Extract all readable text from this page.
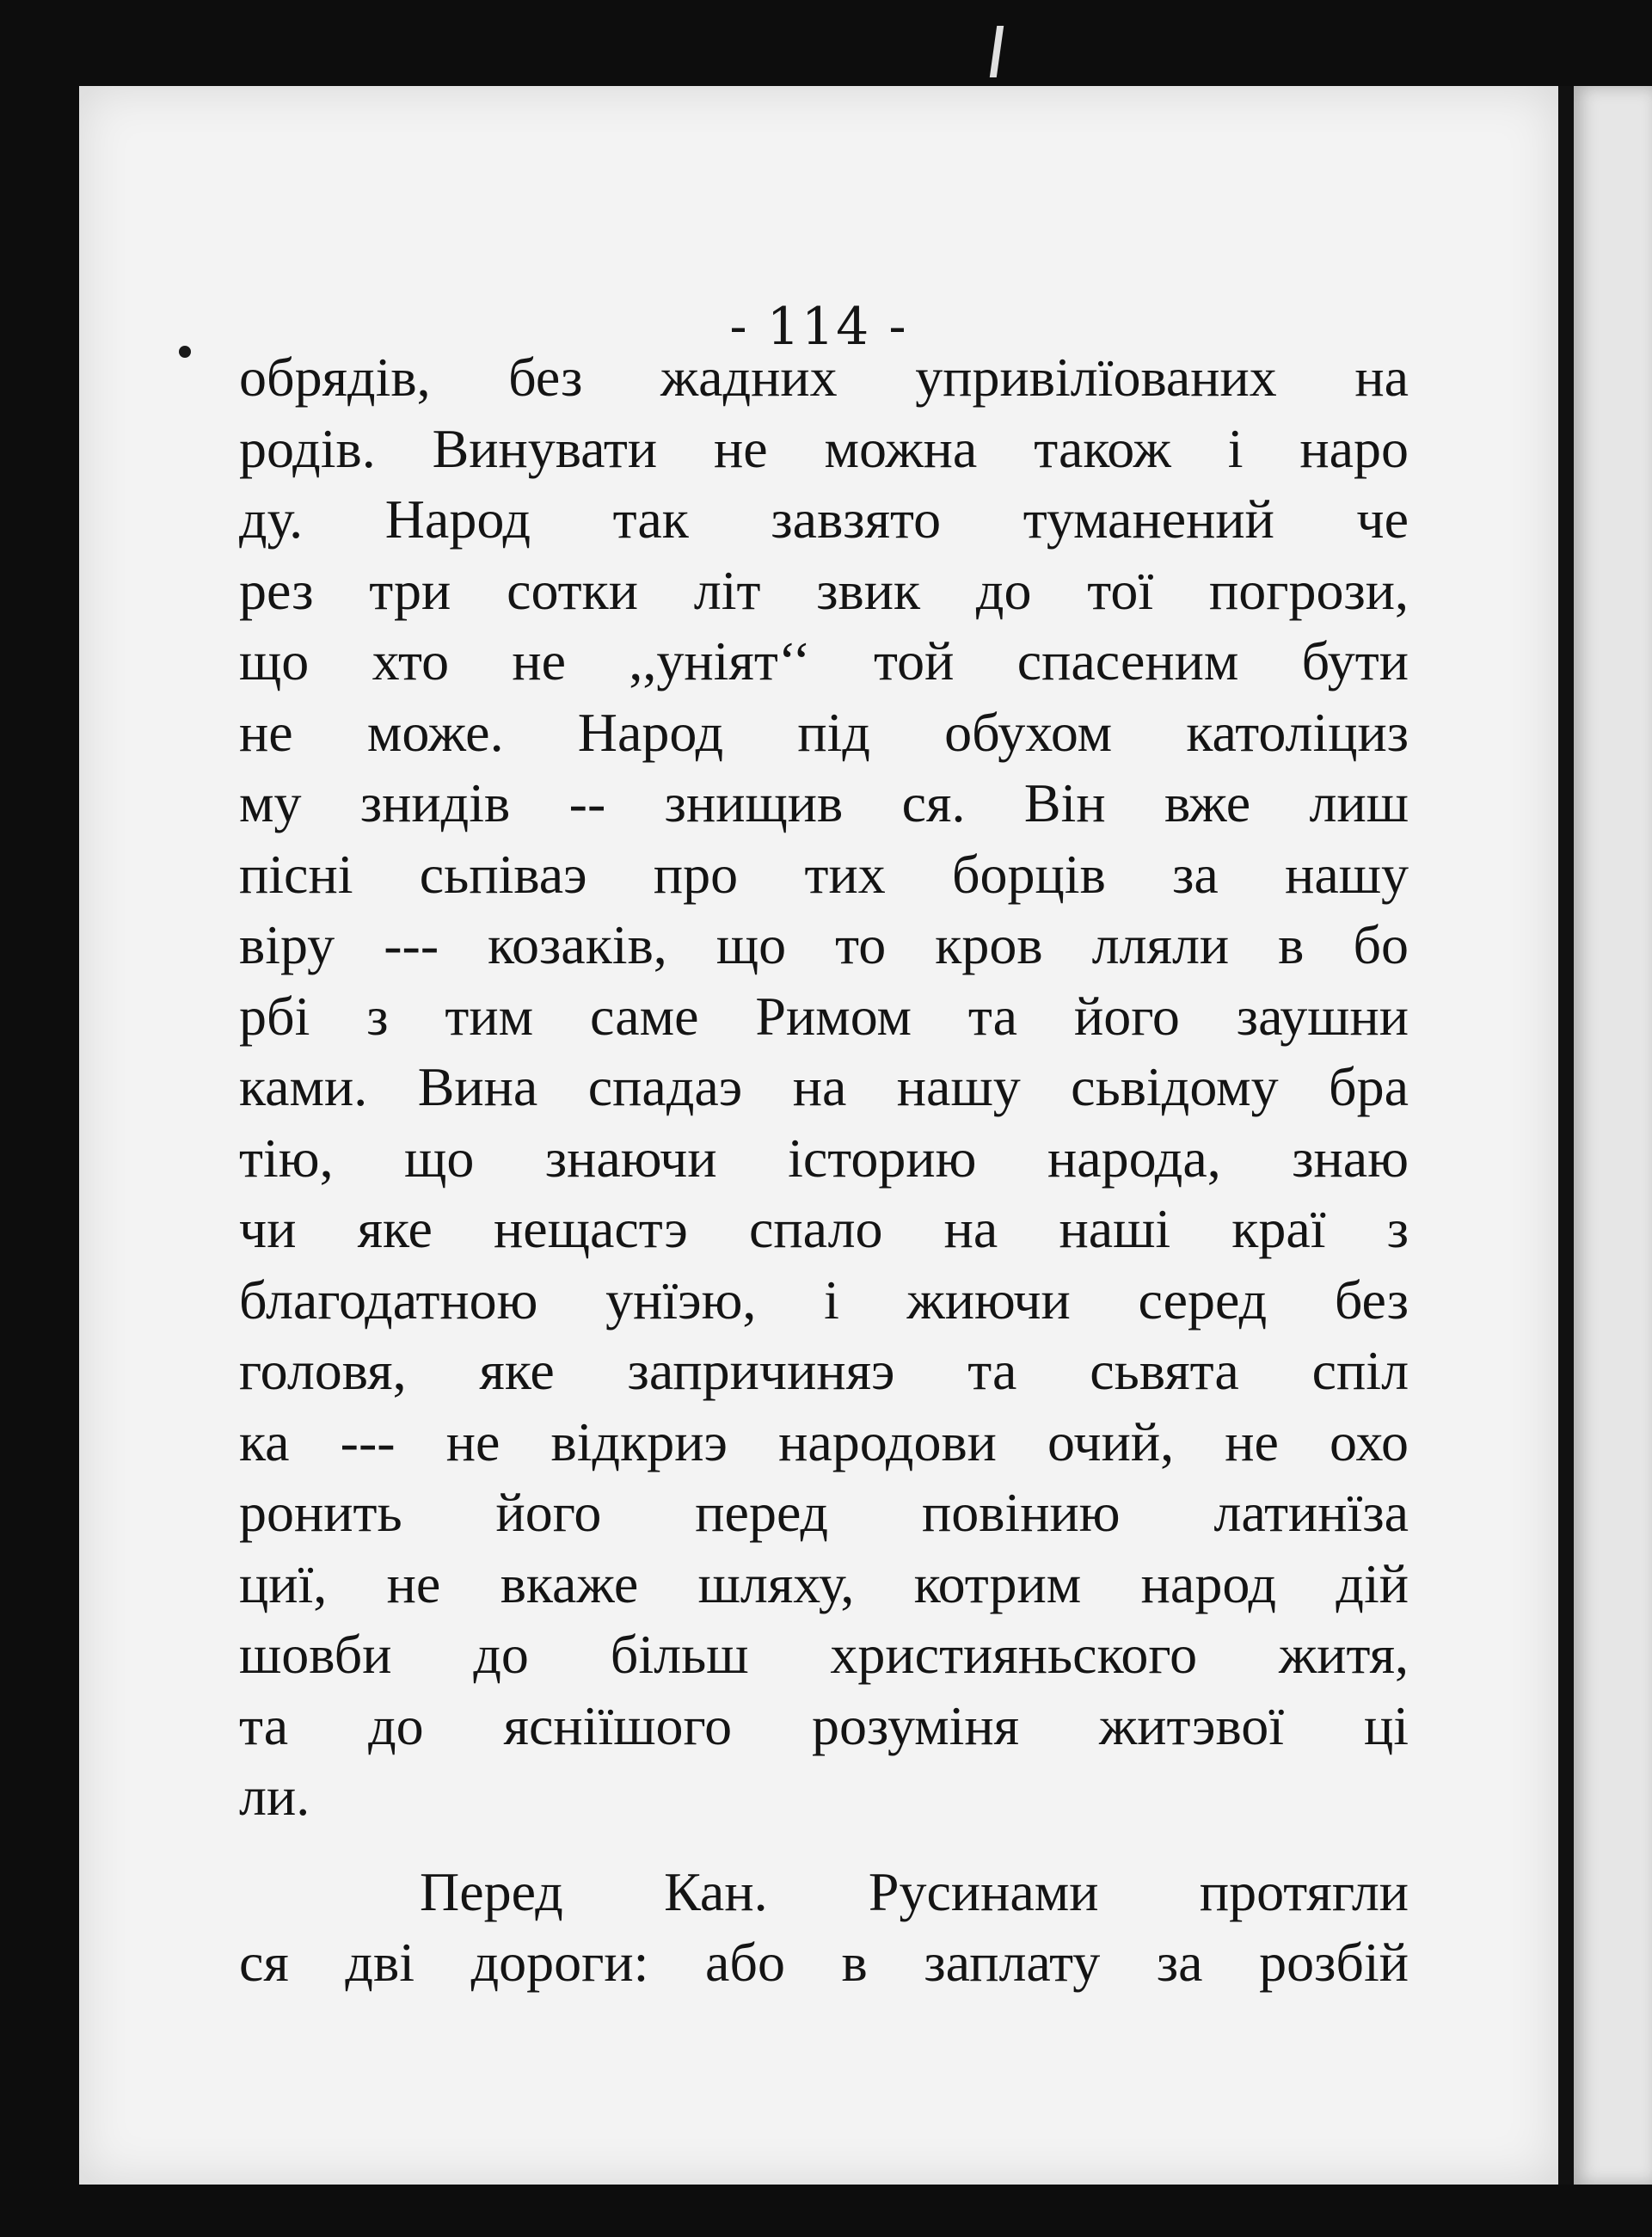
- 114 -
обрядів, без жадних упривілїованих на
родів. Винувати не можна також і наро
ду. Народ так завзято туманений че
рез три сотки літ звик до тої погрози,
що хто не ,,уніят‘‘ той спасеним бути
не може. Народ під обухом католіциз
му знидів -- знищив ся. Він вже лиш
пісні сьпіваэ про тих борців за нашу
віру --- козаків, що то кров лляли в бо
рбі з тим саме Римом та його заушни
ками. Вина спадаэ на нашу сьвідому бра
тію, що знаючи історию народа, знаю
чи яке нещастэ спало на наші краї з
благодатною унїэю, і жиючи серед без
головя, яке запричиняэ та сьвята спіл
ка --- не відкриэ народови очий, не охо
ронить його перед повінию латинїза
циї, не вкаже шляху, котрим народ дій
шовби до більш християньского житя,
та до ясніїшого розуміня житэвої ці
ли.
Перед Кан. Русинами протягли
ся дві дороги: або в заплату за розбій
